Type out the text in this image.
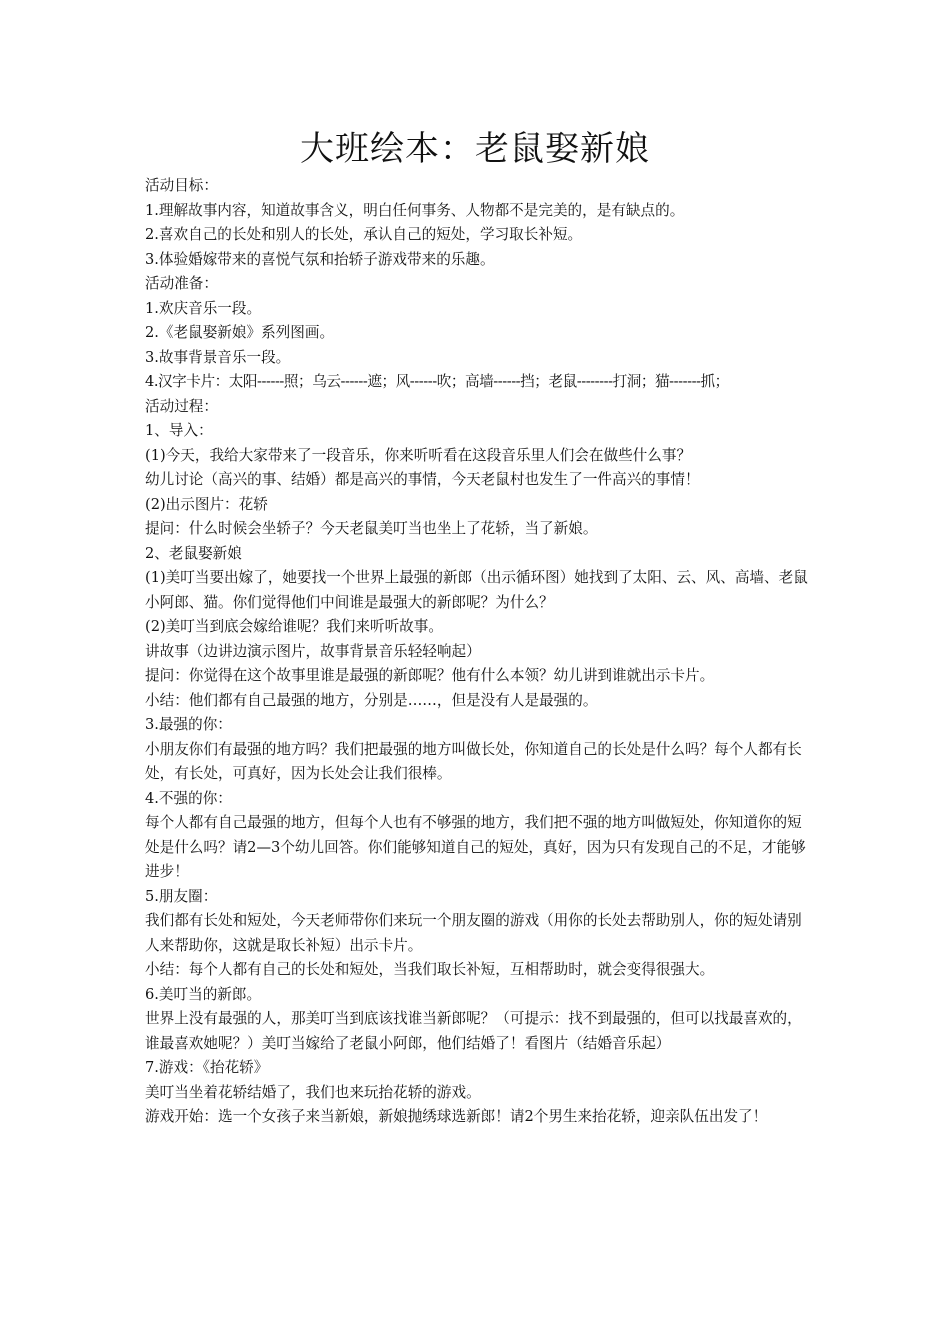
大班绘本：老鼠娶新娘

活动目标：

1.理解故事内容，知道故事含义，明白任何事务、人物都不是完美的，是有缺点的。

2.喜欢自己的长处和别人的长处，承认自己的短处，学习取长补短。

3.体验婚嫁带来的喜悦气氛和抬轿子游戏带来的乐趣。

活动准备：

1.欢庆音乐一段。

2.《老鼠娶新娘》系列图画。

3.故事背景音乐一段。

4.汉字卡片：太阳------照；乌云------遮；风------吹；高墙------挡；老鼠--------打洞；猫-------抓；

活动过程：

1、导入：

(1)今天，我给大家带来了一段音乐，你来听听看在这段音乐里人们会在做些什么事？

幼儿讨论（高兴的事、结婚）都是高兴的事情，今天老鼠村也发生了一件高兴的事情！

(2)出示图片：花轿

提问：什么时候会坐轿子？今天老鼠美叮当也坐上了花轿，当了新娘。

2、老鼠娶新娘

(1)美叮当要出嫁了，她要找一个世界上最强的新郎（出示循环图）她找到了太阳、云、风、高墙、老鼠小阿郎、猫。你们觉得他们中间谁是最强大的新郎呢？为什么？

(2)美叮当到底会嫁给谁呢？我们来听听故事。

讲故事（边讲边演示图片，故事背景音乐轻轻响起）

提问：你觉得在这个故事里谁是最强的新郎呢？他有什么本领？幼儿讲到谁就出示卡片。

小结：他们都有自己最强的地方，分别是……，但是没有人是最强的。

3.最强的你：

小朋友你们有最强的地方吗？我们把最强的地方叫做长处，你知道自己的长处是什么吗？每个人都有长处，有长处，可真好，因为长处会让我们很棒。

4.不强的你：

每个人都有自己最强的地方，但每个人也有不够强的地方，我们把不强的地方叫做短处，你知道你的短处是什么吗？请2—3个幼儿回答。你们能够知道自己的短处，真好，因为只有发现自己的不足，才能够进步！

5.朋友圈：

我们都有长处和短处，今天老师带你们来玩一个朋友圈的游戏（用你的长处去帮助别人，你的短处请别人来帮助你，这就是取长补短）出示卡片。

小结：每个人都有自己的长处和短处，当我们取长补短，互相帮助时，就会变得很强大。

6.美叮当的新郎。

世界上没有最强的人，那美叮当到底该找谁当新郎呢？（可提示：找不到最强的，但可以找最喜欢的，谁最喜欢她呢？）美叮当嫁给了老鼠小阿郎，他们结婚了！看图片（结婚音乐起）

7.游戏：《抬花轿》

美叮当坐着花轿结婚了，我们也来玩抬花轿的游戏。

游戏开始：选一个女孩子来当新娘，新娘抛绣球选新郎！请2个男生来抬花轿，迎亲队伍出发了！
